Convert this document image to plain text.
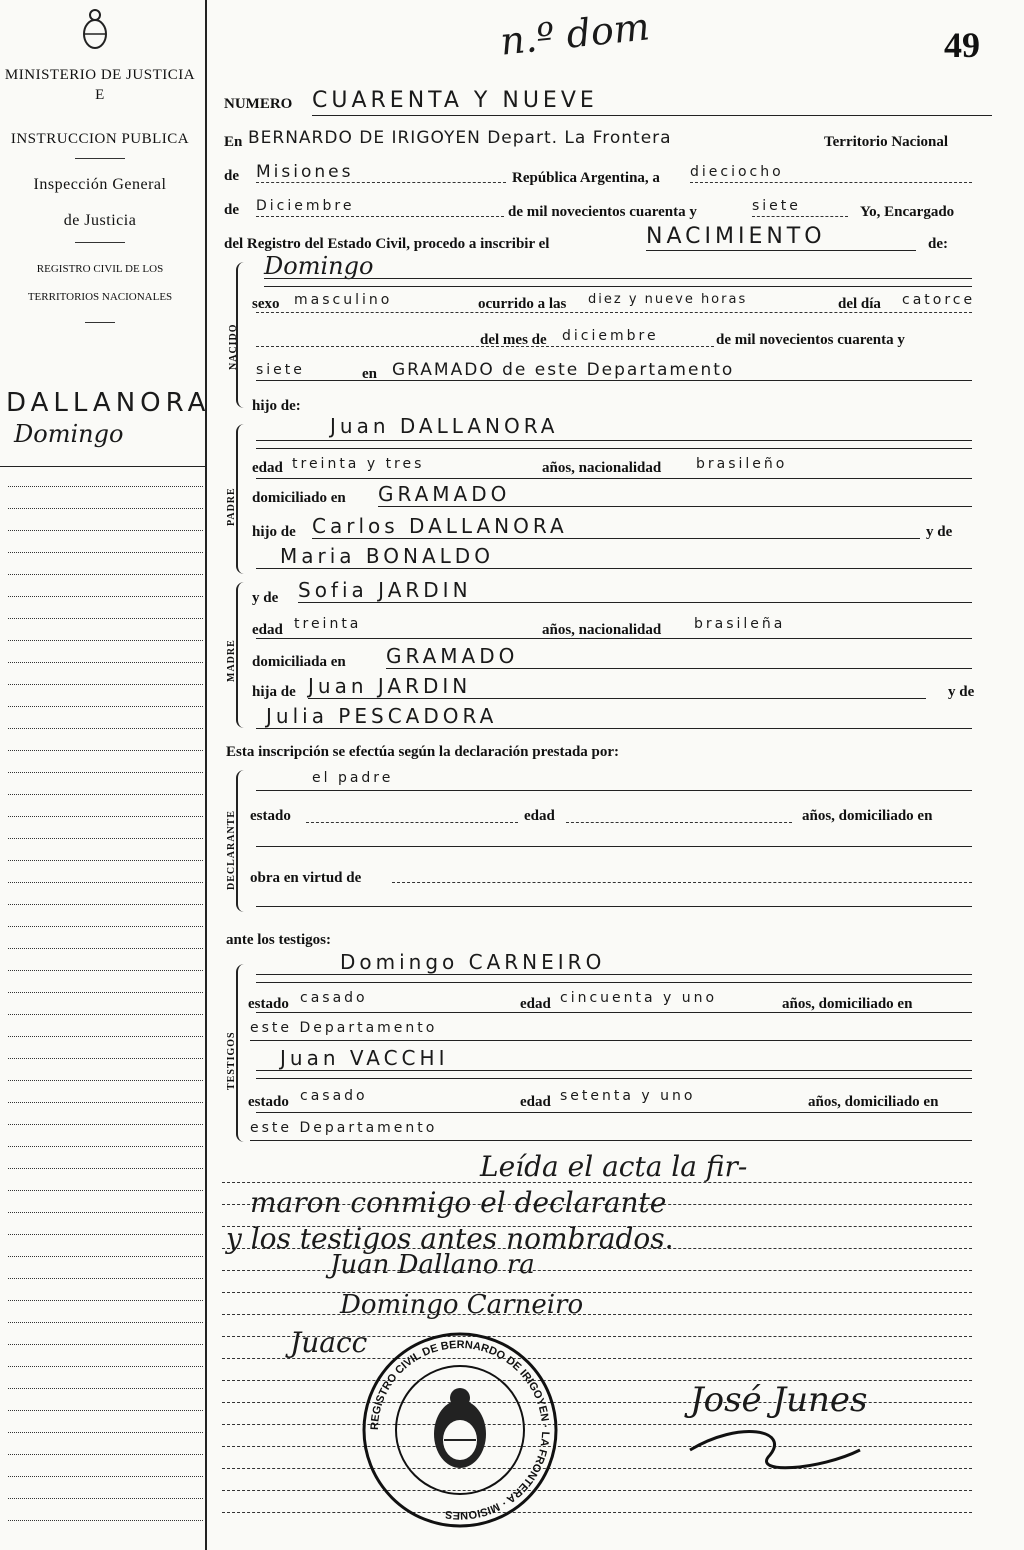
MINISTERIO DE JUSTICIA
E
INSTRUCCION PUBLICA
Inspección General
de Justicia
REGISTRO CIVIL DE LOS
TERRITORIOS NACIONALES
DALLANORA
Domingo
n.º dom	49
NUMERO CUARENTA Y NUEVE
En BERNARDO DE IRIGOYEN Depart. La Frontera	Territorio Nacional
de Misiones	República Argentina, a dieciocho
de Diciembre	de mil novecientos cuarenta y	siete	Yo, Encargado
del Registro del Estado Civil, procedo a inscribir el	NACIMIENTO	de:
NACIDO
Domingo
sexo masculino	ocurrido a las diez y nueve horas	del día catorce
del mes de diciembre	de mil novecientos cuarenta y
siete	en GRAMADO de este Departamento
hijo de:
PADRE
Juan DALLANORA
edad treinta y tres	años, nacionalidad brasileño
domiciliado en GRAMADO
hijo de Carlos DALLANORA	y de
Maria BONALDO
MADRE
y de Sofia JARDIN
edad treinta	años, nacionalidad brasileña
domiciliada en GRAMADO
hija de Juan JARDIN	y de
Julia PESCADORA
Esta inscripción se efectúa según la declaración prestada por:
DECLARANTE
el padre
estado	edad	años, domiciliado en
obra en virtud de
ante los testigos:
TESTIGOS
Domingo CARNEIRO
estado casado	edad cincuenta y uno	años, domiciliado en
este Departamento
Juan VACCHI
estado casado	edad setenta y uno	años, domiciliado en
este Departamento
Leída el acta la fir-
maron conmigo el declarante
y los testigos antes nombrados.
Juan Dallano ra
Domingo Carneiro
Juacc
José Junes
REGISTRO CIVIL DE BERNARDO DE IRIGOYEN · LA FRONTERA · MISIONES
